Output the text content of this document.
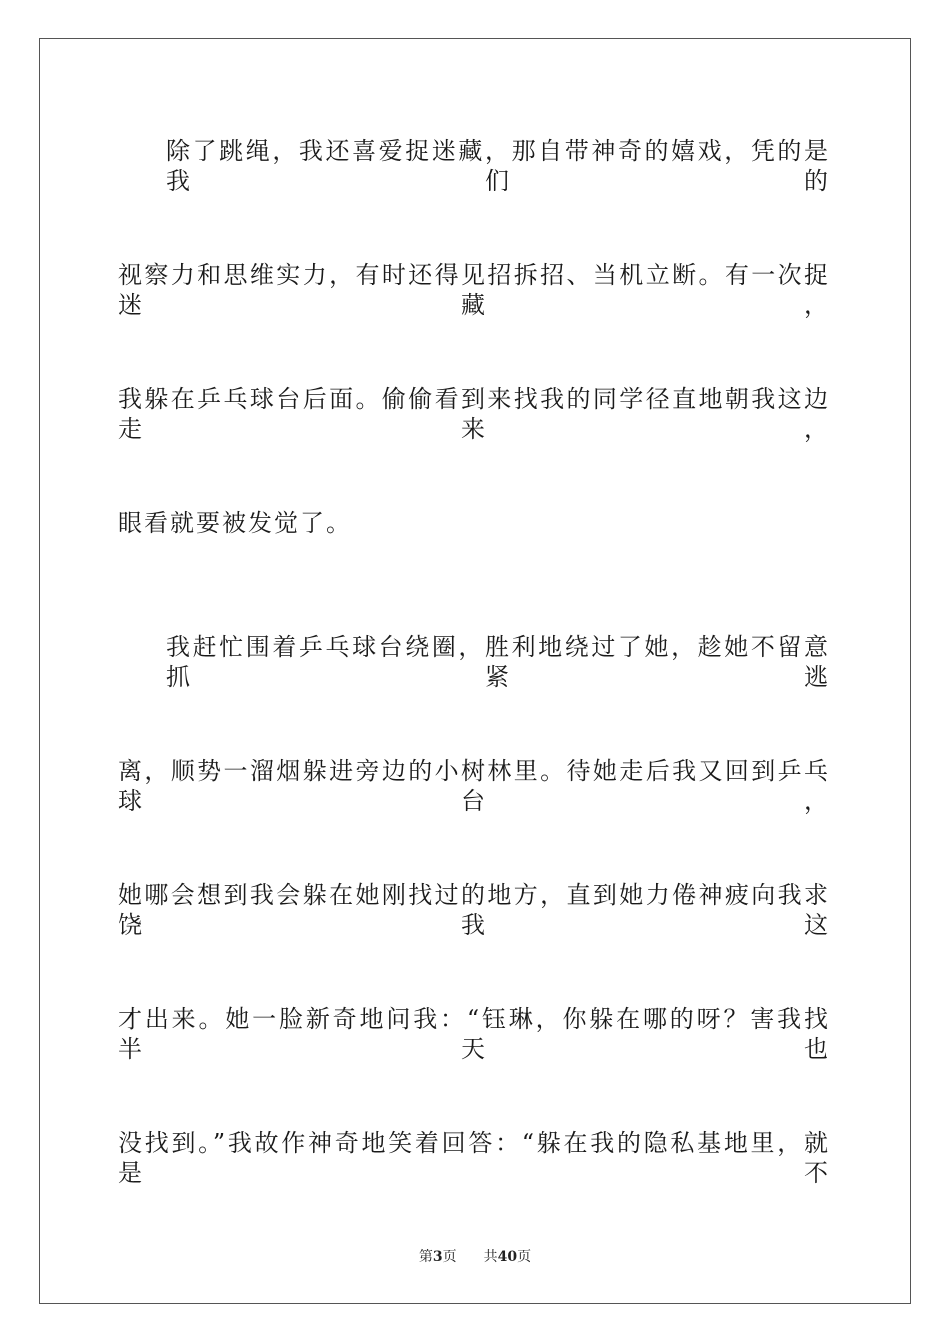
除了跳绳，我还喜爱捉迷藏，那自带神奇的嬉戏，凭的是我们的
视察力和思维实力，有时还得见招拆招、当机立断。有一次捉迷藏，
我躲在乒乓球台后面。偷偷看到来找我的同学径直地朝我这边走来，
眼看就要被发觉了。
我赶忙围着乒乓球台绕圈，胜利地绕过了她，趁她不留意抓紧逃
离，顺势一溜烟躲进旁边的小树林里。待她走后我又回到乒乓球台，
她哪会想到我会躲在她刚找过的地方，直到她力倦神疲向我求饶我这
才出来。她一脸新奇地问我：“钰琳，你躲在哪的呀？害我找半天也
没找到。”我故作神奇地笑着回答：“躲在我的隐私基地里，就是不
第3页 共40页
